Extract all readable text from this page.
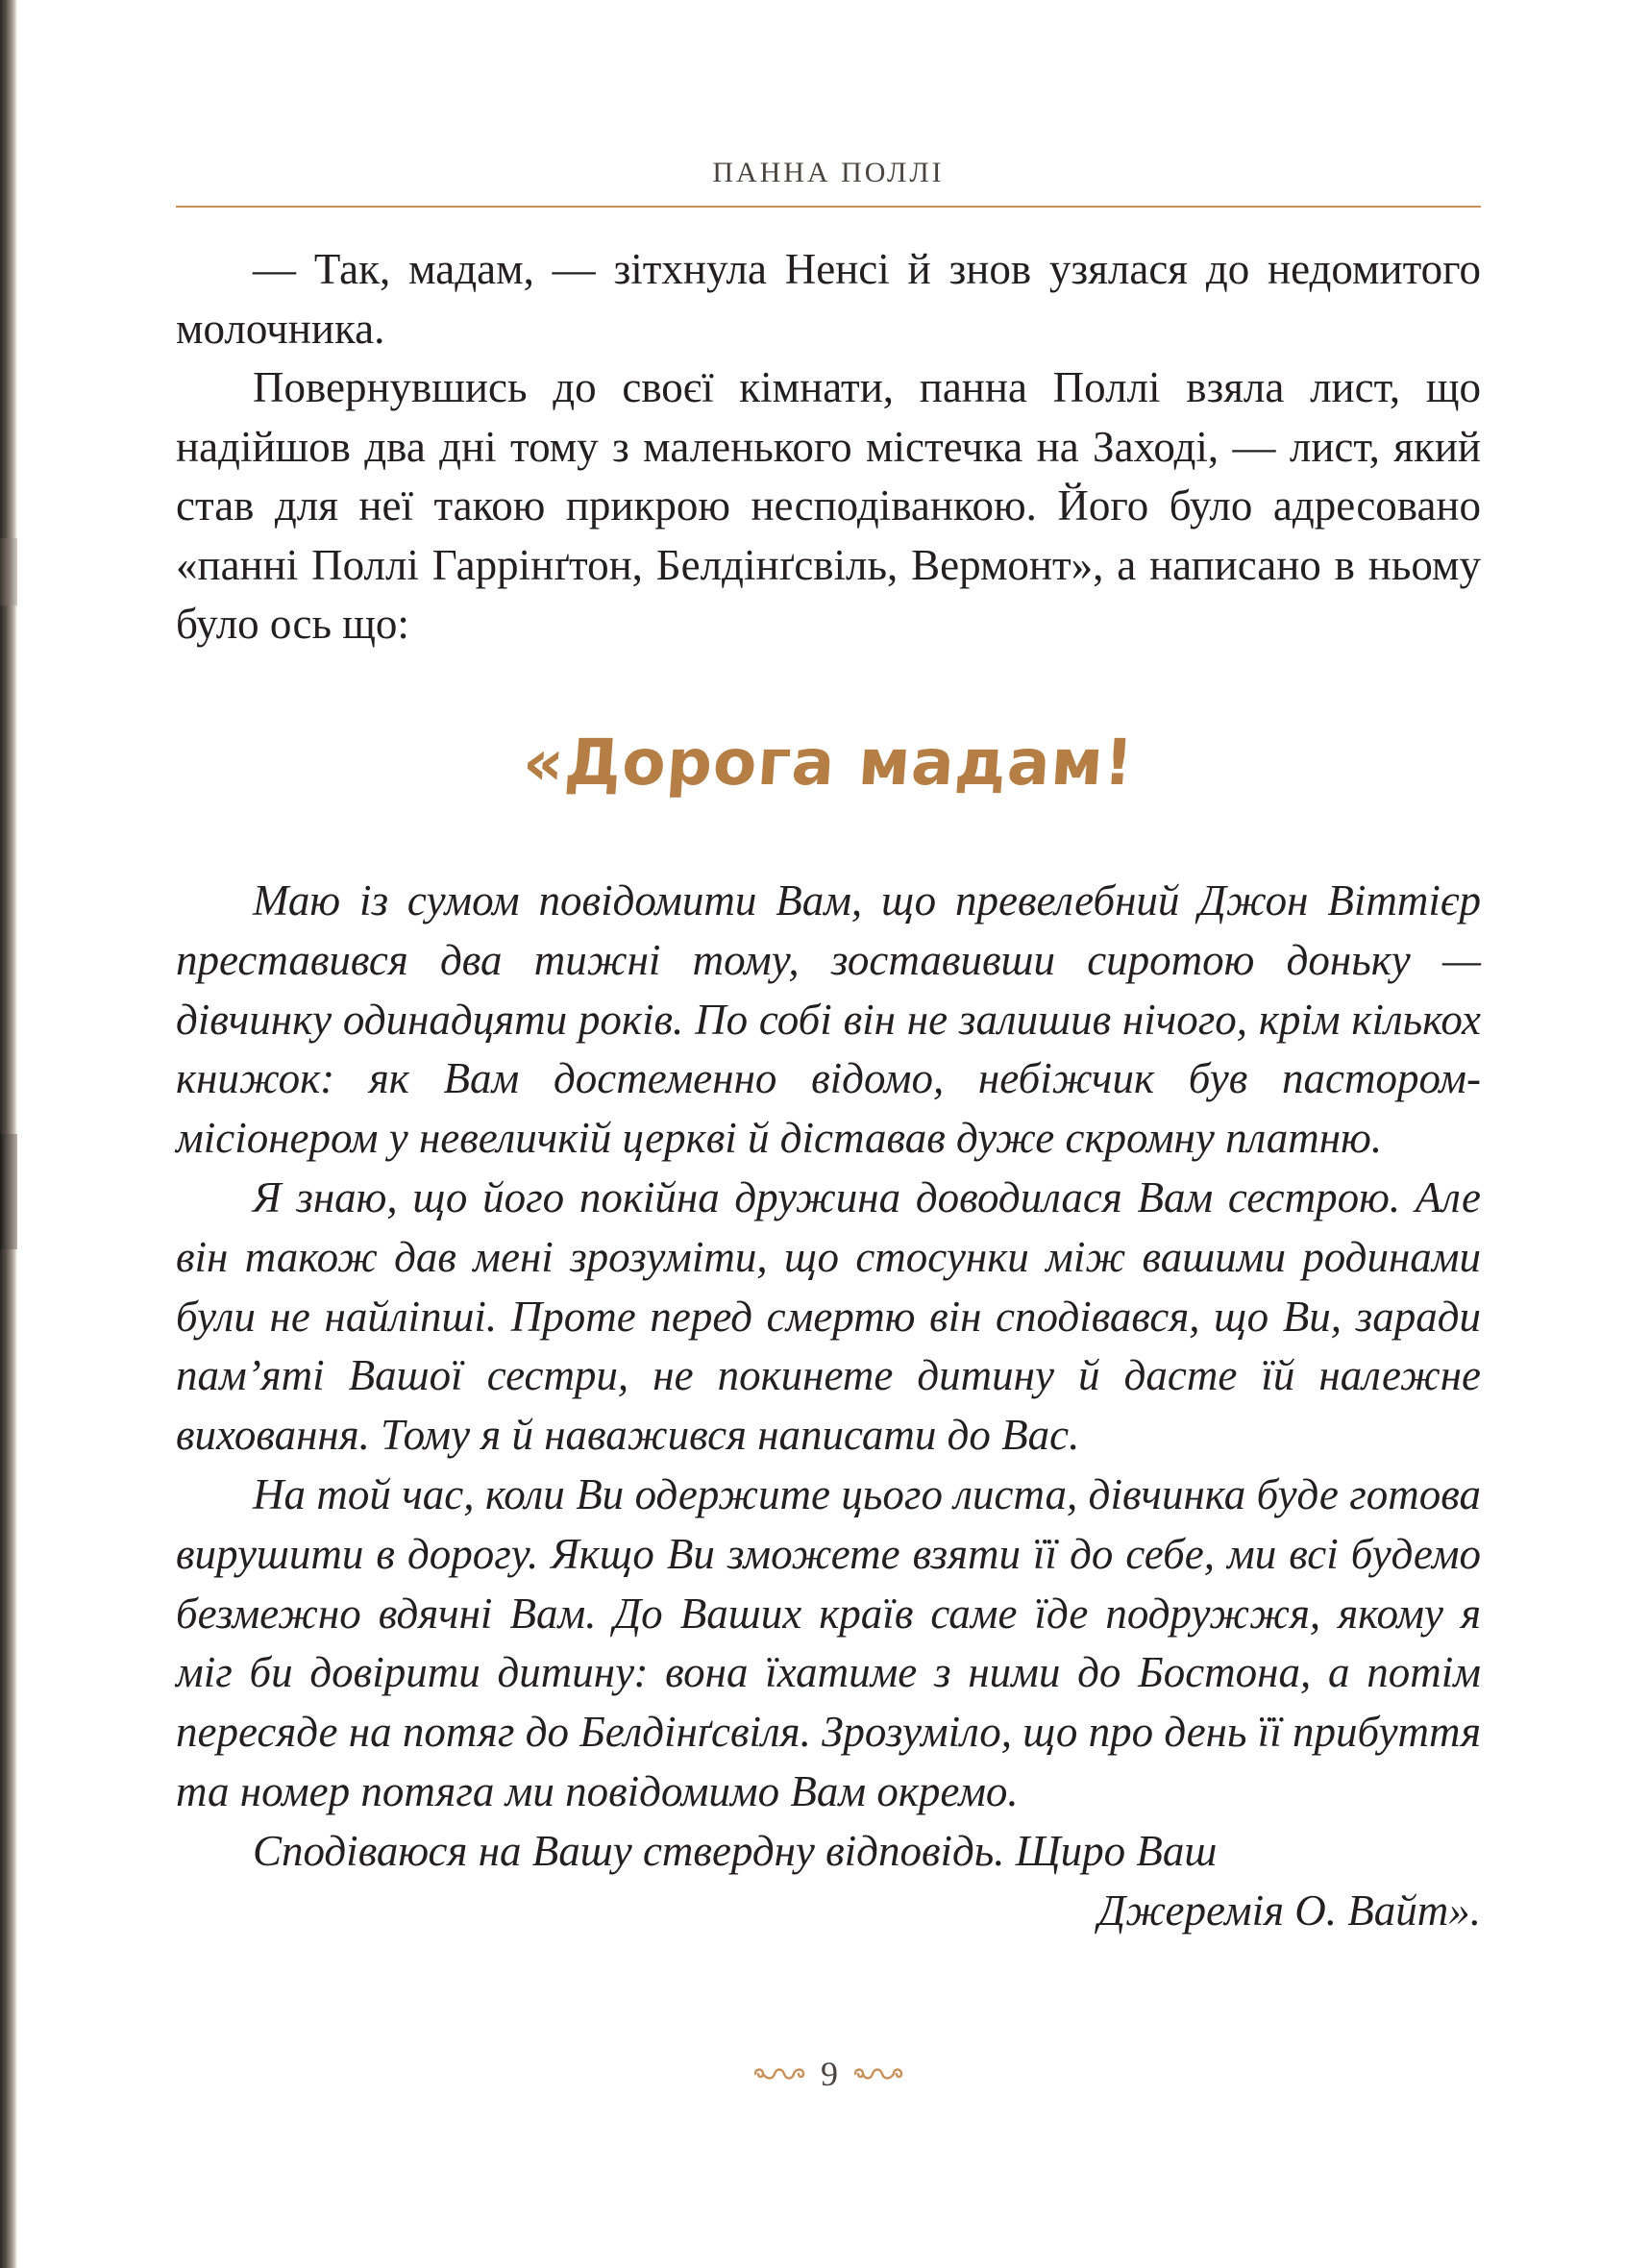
ПАННА ПОЛЛІ

— Так, мадам, — зітхнула Ненсі й знов узялася до недомитого молочника.

Повернувшись до своєї кімнати, панна Поллі взяла лист, що надійшов два дні тому з маленького містечка на Заході, — лист, який став для неї такою прикрою несподіванкою. Його було адресовано «панні Поллі Гаррінґтон, Белдінґсвіль, Вермонт», а написано в ньому було ось що:

«Дорога мадам!

Маю із сумом повідомити Вам, що превелебний Джон Віттієр преставився два тижні тому, зоставивши сиротою доньку — дівчинку одинадцяти років. По собі він не залишив нічого, крім кількох книжок: як Вам достеменно відомо, небіжчик був пастором-місіонером у невеличкій церкві й діставав дуже скромну платню.

Я знаю, що його покійна дружина доводилася Вам сестрою. Але він також дав мені зрозуміти, що стосунки між вашими родинами були не найліпші. Проте перед смертю він сподівався, що Ви, заради пам’яті Вашої сестри, не покинете дитину й дасте їй належне виховання. Тому я й наважився написати до Вас.

На той час, коли Ви одержите цього листа, дівчинка буде готова вирушити в дорогу. Якщо Ви зможете взяти її до себе, ми всі будемо безмежно вдячні Вам. До Ваших країв саме їде подружжя, якому я міг би довірити дитину: вона їхатиме з ними до Бостона, а потім пересяде на потяг до Белдінґсвіля. Зрозуміло, що про день її прибуття та номер потяга ми повідомимо Вам окремо.

Сподіваюся на Вашу ствердну відповідь. Щиро Ваш

Джеремія О. Вайт».

9
